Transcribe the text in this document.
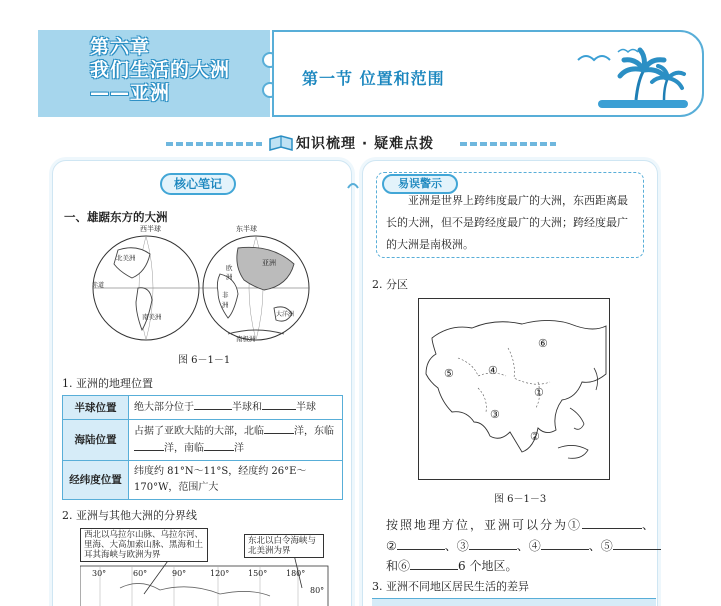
第六章
我们生活的大洲
——亚洲
第一节 位置和范围
知识梳理 · 疑难点拨
核心笔记
一、雄踞东方的大洲
西半球	东半球
北美洲
南美洲
亚洲
欧
洲
大洋洲
南极洲
非
洲
赤道
图 6－1－1
1. 亚洲的地理位置
半球位置	绝大部分位于 半球和 半球
海陆位置	占据了亚欧大陆的大部，北临 洋，东临洋，南临 洋
经纬度位置	纬度约 81°N～11°S，经度约 26°E～170°W，范围广大
2. 亚洲与其他大洲的分界线
西北以乌拉尔山脉、乌拉尔河、里海、大高加索山脉、黑海和土耳其海峡与欧洲为界
东北以白令海峡与北美洲为界
30°	60°	90°	120° 150° 180°
80°
易误警示
亚洲是世界上跨纬度最广的大洲，东西距离最长的大洲，但不是跨经度最广的大洲；跨经度最广的大洲是南极洲。
2. 分区
⑥
⑤	④
①
③
②
图 6－1－3
按照地理方位，亚洲可以分为①	、
②	、③	、④	、⑤
和⑥	6 个地区。
3. 亚洲不同地区居民生活的差异
